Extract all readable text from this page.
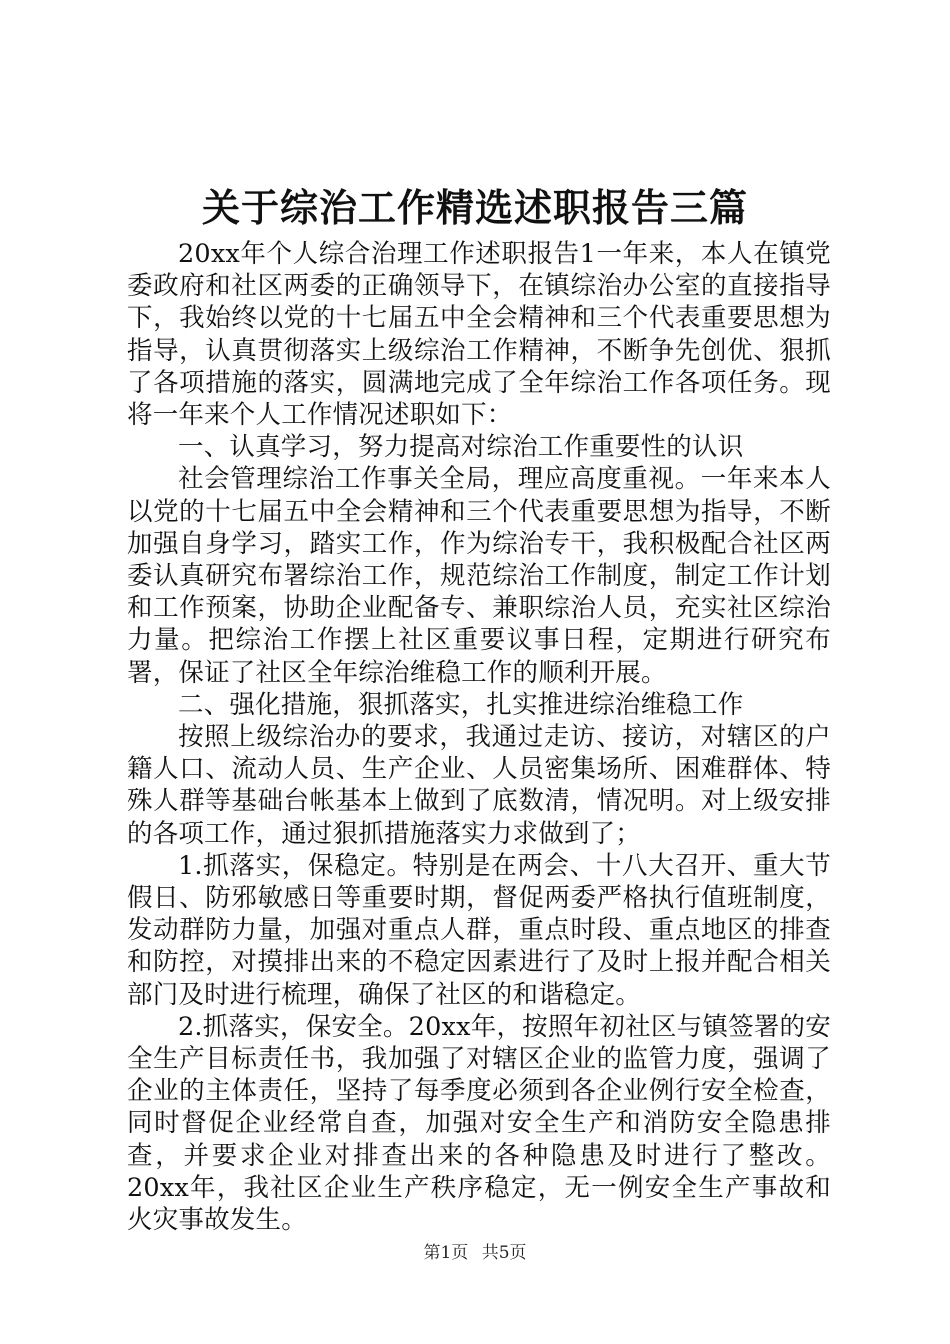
关于综治工作精选述职报告三篇

20xx年个人综合治理工作述职报告1一年来，本人在镇党委政府和社区两委的正确领导下，在镇综治办公室的直接指导下，我始终以党的十七届五中全会精神和三个代表重要思想为指导，认真贯彻落实上级综治工作精神，不断争先创优、狠抓了各项措施的落实，圆满地完成了全年综治工作各项任务。现将一年来个人工作情况述职如下：

一、认真学习，努力提高对综治工作重要性的认识

社会管理综治工作事关全局，理应高度重视。一年来本人以党的十七届五中全会精神和三个代表重要思想为指导，不断加强自身学习，踏实工作，作为综治专干，我积极配合社区两委认真研究布署综治工作，规范综治工作制度，制定工作计划和工作预案，协助企业配备专、兼职综治人员，充实社区综治力量。把综治工作摆上社区重要议事日程，定期进行研究布署，保证了社区全年综治维稳工作的顺利开展。

二、强化措施，狠抓落实，扎实推进综治维稳工作

按照上级综治办的要求，我通过走访、接访，对辖区的户籍人口、流动人员、生产企业、人员密集场所、困难群体、特殊人群等基础台帐基本上做到了底数清，情况明。对上级安排的各项工作，通过狠抓措施落实力求做到了；

1.抓落实，保稳定。特别是在两会、十八大召开、重大节假日、防邪敏感日等重要时期，督促两委严格执行值班制度，发动群防力量，加强对重点人群，重点时段、重点地区的排查和防控，对摸排出来的不稳定因素进行了及时上报并配合相关部门及时进行梳理，确保了社区的和谐稳定。

2.抓落实，保安全。20xx年，按照年初社区与镇签署的安全生产目标责任书，我加强了对辖区企业的监管力度，强调了企业的主体责任，坚持了每季度必须到各企业例行安全检查，同时督促企业经常自查，加强对安全生产和消防安全隐患排查，并要求企业对排查出来的各种隐患及时进行了整改。20xx年，我社区企业生产秩序稳定，无一例安全生产事故和火灾事故发生。

第1页 共5页
